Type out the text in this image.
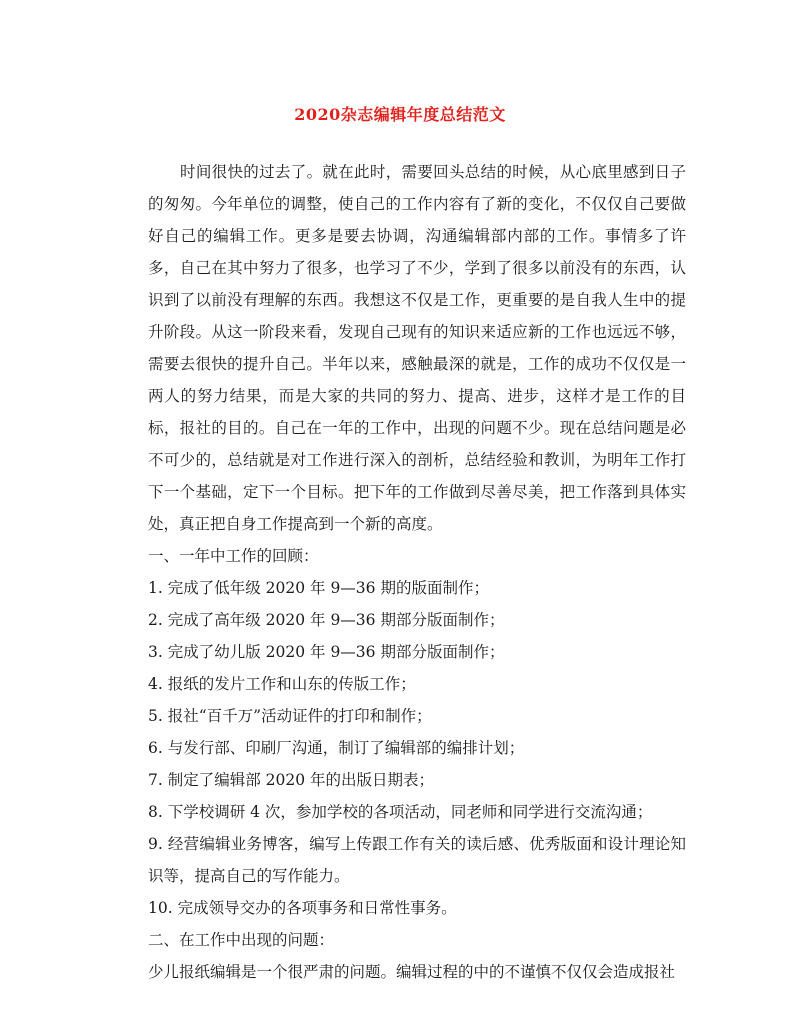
2020杂志编辑年度总结范文

时间很快的过去了。就在此时，需要回头总结的时候，从心底里感到日子的匆匆。今年单位的调整，使自己的工作内容有了新的变化，不仅仅自己要做好自己的编辑工作。更多是要去协调，沟通编辑部内部的工作。事情多了许多，自己在其中努力了很多，也学习了不少，学到了很多以前没有的东西，认识到了以前没有理解的东西。我想这不仅是工作，更重要的是自我人生中的提升阶段。从这一阶段来看，发现自己现有的知识来适应新的工作也远远不够，需要去很快的提升自己。半年以来，感触最深的就是，工作的成功不仅仅是一两人的努力结果，而是大家的共同的努力、提高、进步，这样才是工作的目标，报社的目的。自己在一年的工作中，出现的问题不少。现在总结问题是必不可少的，总结就是对工作进行深入的剖析，总结经验和教训，为明年工作打下一个基础，定下一个目标。把下年的工作做到尽善尽美，把工作落到具体实处，真正把自身工作提高到一个新的高度。

一、一年中工作的回顾：

1. 完成了低年级 2020 年 9—36 期的版面制作；

2. 完成了高年级 2020 年 9—36 期部分版面制作；

3. 完成了幼儿版 2020 年 9—36 期部分版面制作；

4. 报纸的发片工作和山东的传版工作；

5. 报社“百千万”活动证件的打印和制作；

6. 与发行部、印刷厂沟通，制订了编辑部的编排计划；

7. 制定了编辑部 2020 年的出版日期表；

8. 下学校调研 4 次，参加学校的各项活动，同老师和同学进行交流沟通；

9. 经营编辑业务博客，编写上传跟工作有关的读后感、优秀版面和设计理论知识等，提高自己的写作能力。

10. 完成领导交办的各项事务和日常性事务。

二、在工作中出现的问题：

少儿报纸编辑是一个很严肃的问题。编辑过程的中的不谨慎不仅仅会造成报社
